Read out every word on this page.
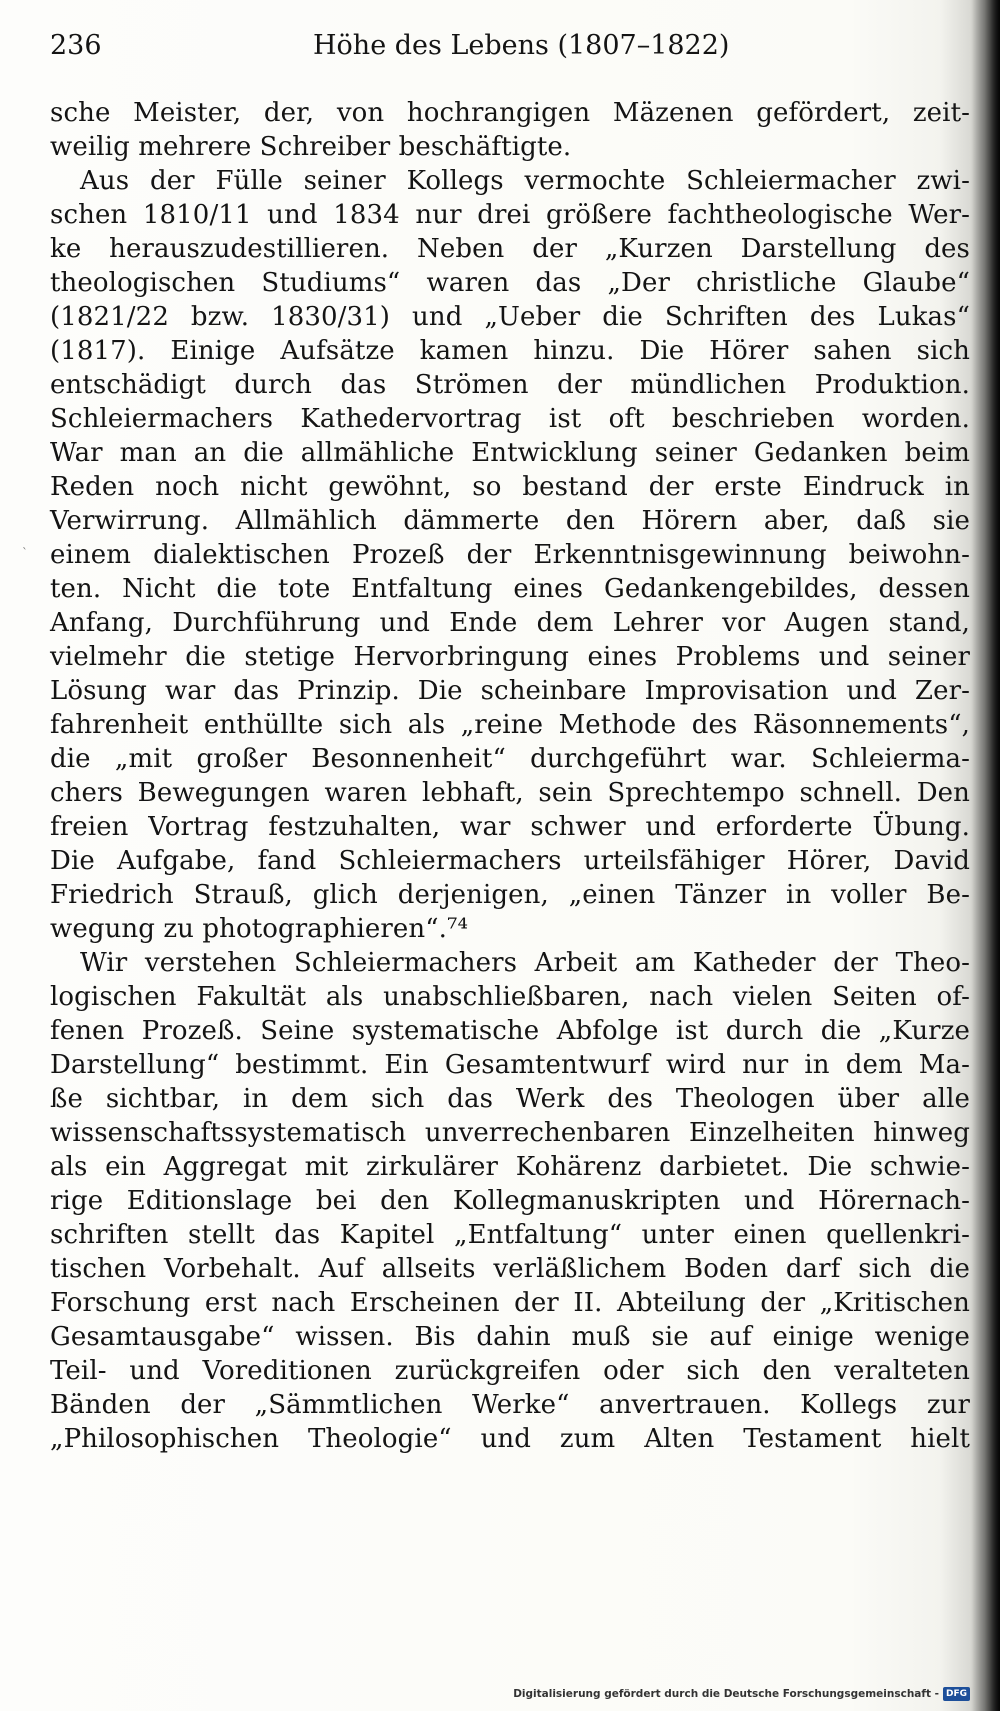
236	Höhe des Lebens (1807–1822)
`
sche Meister, der, von hochrangigen Mäzenen gefördert, zeit-
weilig mehrere Schreiber beschäftigte.
Aus der Fülle seiner Kollegs vermochte Schleiermacher zwi-
schen 1810/11 und 1834 nur drei größere fachtheologische Wer-
ke herauszudestillieren. Neben der „Kurzen Darstellung des
theologischen Studiums“ waren das „Der christliche Glaube“
(1821/22 bzw. 1830/31) und „Ueber die Schriften des Lukas“
(1817). Einige Aufsätze kamen hinzu. Die Hörer sahen sich
entschädigt durch das Strömen der mündlichen Produktion.
Schleiermachers Kathedervortrag ist oft beschrieben worden.
War man an die allmähliche Entwicklung seiner Gedanken beim
Reden noch nicht gewöhnt, so bestand der erste Eindruck in
Verwirrung. Allmählich dämmerte den Hörern aber, daß sie
einem dialektischen Prozeß der Erkenntnisgewinnung beiwohn-
ten. Nicht die tote Entfaltung eines Gedankengebildes, dessen
Anfang, Durchführung und Ende dem Lehrer vor Augen stand,
vielmehr die stetige Hervorbringung eines Problems und seiner
Lösung war das Prinzip. Die scheinbare Improvisation und Zer-
fahrenheit enthüllte sich als „reine Methode des Räsonnements“,
die „mit großer Besonnenheit“ durchgeführt war. Schleierma-
chers Bewegungen waren lebhaft, sein Sprechtempo schnell. Den
freien Vortrag festzuhalten, war schwer und erforderte Übung.
Die Aufgabe, fand Schleiermachers urteilsfähiger Hörer, David
Friedrich Strauß, glich derjenigen, „einen Tänzer in voller Be-
wegung zu photographieren“.⁷⁴
Wir verstehen Schleiermachers Arbeit am Katheder der Theo-
logischen Fakultät als unabschließbaren, nach vielen Seiten of-
fenen Prozeß. Seine systematische Abfolge ist durch die „Kurze
Darstellung“ bestimmt. Ein Gesamtentwurf wird nur in dem Ma-
ße sichtbar, in dem sich das Werk des Theologen über alle
wissenschaftssystematisch unverrechenbaren Einzelheiten hinweg
als ein Aggregat mit zirkulärer Kohärenz darbietet. Die schwie-
rige Editionslage bei den Kollegmanuskripten und Hörernach-
schriften stellt das Kapitel „Entfaltung“ unter einen quellenkri-
tischen Vorbehalt. Auf allseits verläßlichem Boden darf sich die
Forschung erst nach Erscheinen der II. Abteilung der „Kritischen
Gesamtausgabe“ wissen. Bis dahin muß sie auf einige wenige
Teil- und Voreditionen zurückgreifen oder sich den veralteten
Bänden der „Sämmtlichen Werke“ anvertrauen. Kollegs zur
„Philosophischen Theologie“ und zum Alten Testament hielt
Digitalisierung gefördert durch die Deutsche Forschungsgemeinschaft - DFG
